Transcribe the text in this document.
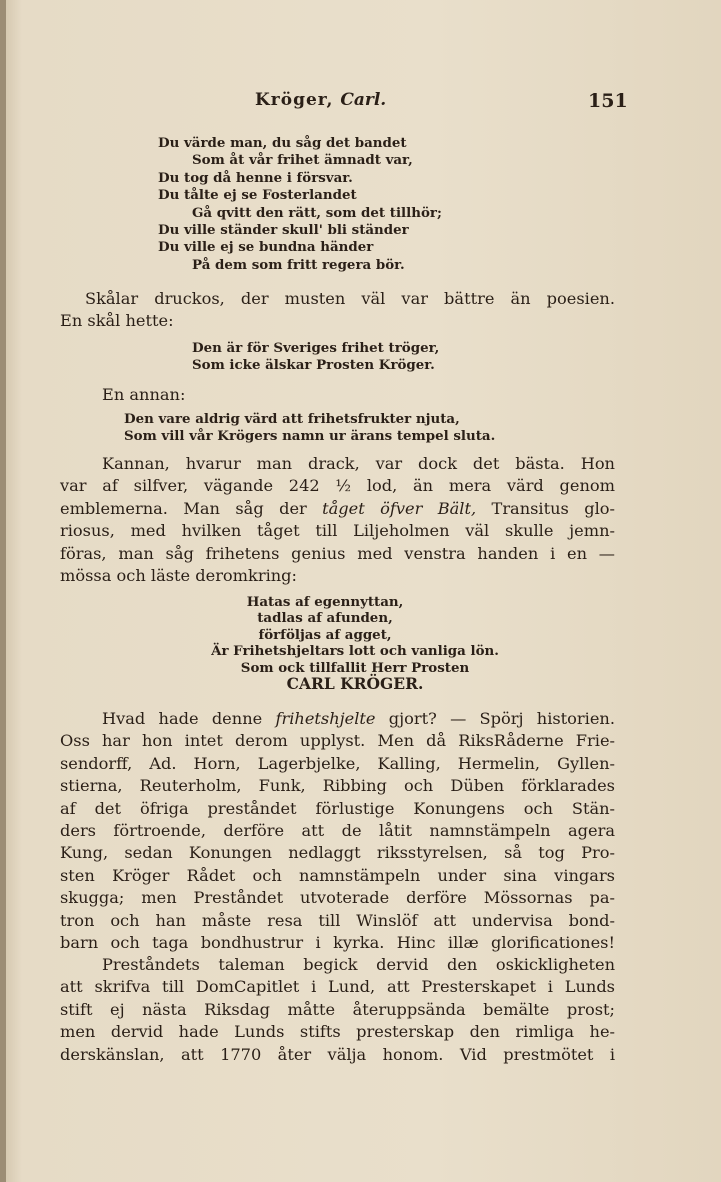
Kröger, Carl.	151
Du värde man, du såg det bandet
Som åt vår frihet ämnadt var,
Du tog då henne i försvar.
Du tålte ej se Fosterlandet
Gå qvitt den rätt, som det tillhör;
Du ville ständer skull' bli ständer
Du ville ej se bundna händer
På dem som fritt regera bör.
Skålar druckos, der musten väl var bättre än poesien.
En skål hette:
Den är för Sveriges frihet tröger,
Som icke älskar Prosten Kröger.
En annan:
Den vare aldrig värd att frihetsfrukter njuta,
Som vill vår Krögers namn ur ärans tempel sluta.
Kannan, hvarur man drack, var dock det bästa. Hon
var af silfver, vägande 242 ½ lod, än mera värd genom
emblemerna. Man såg der tåget öfver Bält, Transitus glo-
riosus, med hvilken tåget till Liljeholmen väl skulle jemn-
föras, man såg frihetens genius med venstra handen i en —
mössa och läste deromkring:
Hatas af egennyttan,
tadlas af afunden,
förföljas af agget,
Är Frihetshjeltars lott och vanliga lön.
Som ock tillfallit Herr Prosten
CARL KRÖGER.
Hvad hade denne frihetshjelte gjort? — Spörj historien.
Oss har hon intet derom upplyst. Men då RiksRåderne Frie-
sendorff, Ad. Horn, Lagerbjelke, Kalling, Hermelin, Gyllen-
stierna, Reuterholm, Funk, Ribbing och Düben förklarades
af det öfriga preståndet förlustige Konungens och Stän-
ders förtroende, derföre att de låtit namnstämpeln agera
Kung, sedan Konungen nedlaggt riksstyrelsen, så tog Pro-
sten Kröger Rådet och namnstämpeln under sina vingars
skugga; men Preståndet utvoterade derföre Mössornas pa-
tron och han måste resa till Winslöf att undervisa bond-
barn och taga bondhustrur i kyrka. Hinc illæ glorificationes!
Preståndets taleman begick dervid den oskickligheten
att skrifva till DomCapitlet i Lund, att Presterskapet i Lunds
stift ej nästa Riksdag måtte återuppsända bemälte prost;
men dervid hade Lunds stifts presterskap den rimliga he-
derskänslan, att 1770 åter välja honom. Vid prestmötet i
